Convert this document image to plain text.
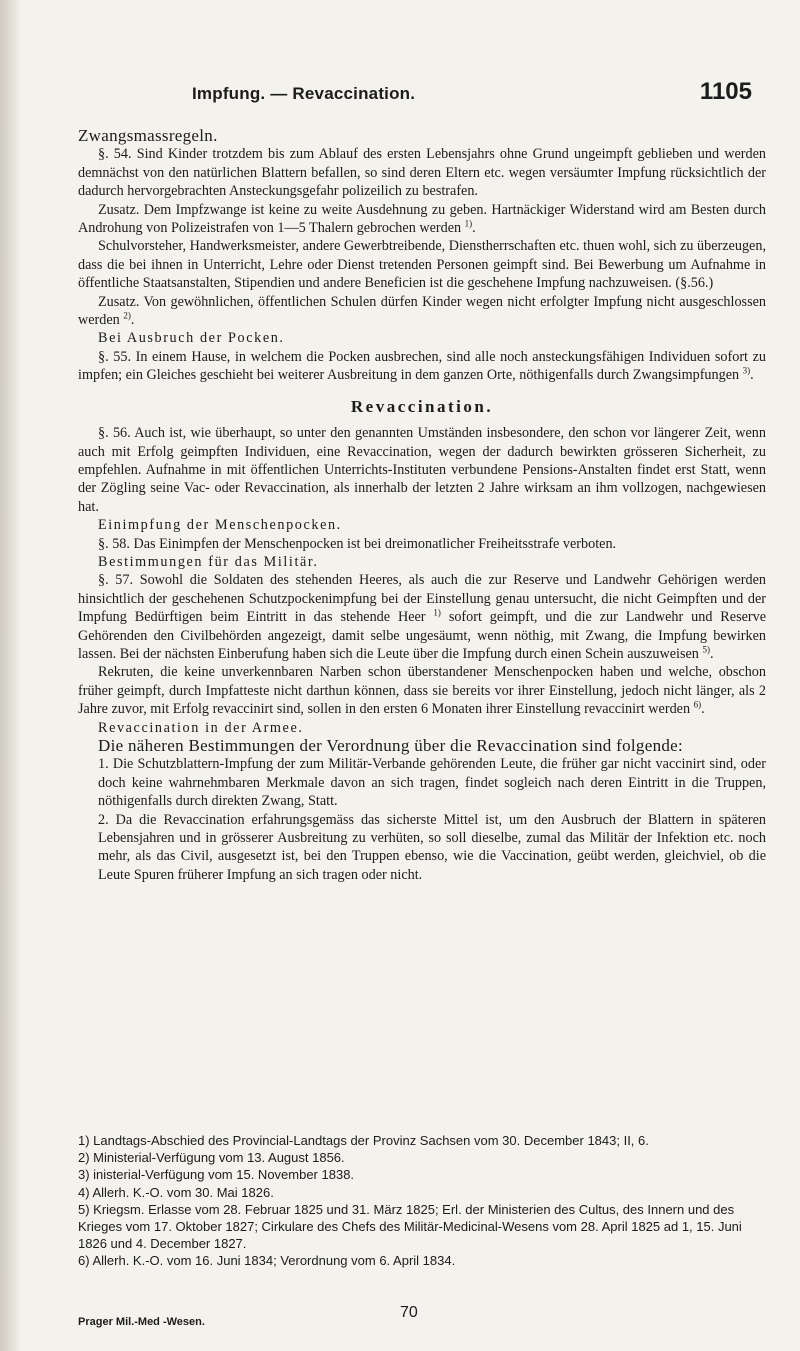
Impfung. — Revaccination.	1105

Zwangsmassregeln.

§. 54. Sind Kinder trotzdem bis zum Ablauf des ersten Lebensjahrs ohne Grund ungeimpft geblieben und werden demnächst von den natürlichen Blattern befallen, so sind deren Eltern etc. wegen versäumter Impfung rücksichtlich der dadurch hervorgebrachten Ansteckungsgefahr polizeilich zu bestrafen.

Zusatz. Dem Impfzwange ist keine zu weite Ausdehnung zu geben. Hartnäckiger Widerstand wird am Besten durch Androhung von Polizeistrafen von 1—5 Thalern gebrochen werden $^{1)}$.

Schulvorsteher, Handwerksmeister, andere Gewerbtreibende, Dienstherrschaften etc. thuen wohl, sich zu überzeugen, dass die bei ihnen in Unterricht, Lehre oder Dienst tretenden Personen geimpft sind. Bei Bewerbung um Aufnahme in öffentliche Staatsanstalten, Stipendien und andere Beneficien ist die geschehene Impfung nachzuweisen. (§.56.)

Zusatz. Von gewöhnlichen, öffentlichen Schulen dürfen Kinder wegen nicht erfolgter Impfung nicht ausgeschlossen werden $^{2)}$.

Bei Ausbruch der Pocken.

§. 55. In einem Hause, in welchem die Pocken ausbrechen, sind alle noch ansteckungsfähigen Individuen sofort zu impfen; ein Gleiches geschieht bei weiterer Ausbreitung in dem ganzen Orte, nöthigenfalls durch Zwangsimpfungen $^{3)}$.

Revaccination.

§. 56. Auch ist, wie überhaupt, so unter den genannten Umständen insbesondere, den schon vor längerer Zeit, wenn auch mit Erfolg geimpften Individuen, eine Revaccination, wegen der dadurch bewirkten grösseren Sicherheit, zu empfehlen. Aufnahme in mit öffentlichen Unterrichts-Instituten verbundene Pensions-Anstalten findet erst Statt, wenn der Zögling seine Vac- oder Revaccination, als innerhalb der letzten 2 Jahre wirksam an ihm vollzogen, nachgewiesen hat.

Einimpfung der Menschenpocken.

§. 58. Das Einimpfen der Menschenpocken ist bei dreimonatlicher Freiheitsstrafe verboten.

Bestimmungen für das Militär.

§. 57. Sowohl die Soldaten des stehenden Heeres, als auch die zur Reserve und Landwehr Gehörigen werden hinsichtlich der geschehenen Schutzpockenimpfung bei der Einstellung genau untersucht, die nicht Geimpften und der Impfung Bedürftigen beim Eintritt in das stehende Heer $^{1)}$ sofort geimpft, und die zur Landwehr und Reserve Gehörenden den Civilbehörden angezeigt, damit selbe ungesäumt, wenn nöthig, mit Zwang, die Impfung bewirken lassen. Bei der nächsten Einberufung haben sich die Leute über die Impfung durch einen Schein auszuweisen $^{5)}$.

Rekruten, die keine unverkennbaren Narben schon überstandener Menschenpocken haben und welche, obschon früher geimpft, durch Impfatteste nicht darthun können, dass sie bereits vor ihrer Einstellung, jedoch nicht länger, als 2 Jahre zuvor, mit Erfolg revaccinirt sind, sollen in den ersten 6 Monaten ihrer Einstellung revaccinirt werden $^{6)}$.

Revaccination in der Armee.

Die näheren Bestimmungen der Verordnung über die Revaccination sind folgende:

1. Die Schutzblattern-Impfung der zum Militär-Verbande gehörenden Leute, die früher gar nicht vaccinirt sind, oder doch keine wahrnehmbaren Merkmale davon an sich tragen, findet sogleich nach deren Eintritt in die Truppen, nöthigenfalls durch direkten Zwang, Statt.

2. Da die Revaccination erfahrungsgemäss das sicherste Mittel ist, um den Ausbruch der Blattern in späteren Lebensjahren und in grösserer Ausbreitung zu verhüten, so soll dieselbe, zumal das Militär der Infektion etc. noch mehr, als das Civil, ausgesetzt ist, bei den Truppen ebenso, wie die Vaccination, geübt werden, gleichviel, ob die Leute Spuren früherer Impfung an sich tragen oder nicht.

1) Landtags-Abschied des Provincial-Landtags der Provinz Sachsen vom 30. December 1843; II, 6.

2) Ministerial-Verfügung vom 13. August 1856.

3) inisterial-Verfügung vom 15. November 1838.

4) Allerh. K.-O. vom 30. Mai 1826.

5) Kriegsm. Erlasse vom 28. Februar 1825 und 31. März 1825; Erl. der Ministerien des Cultus, des Innern und des Krieges vom 17. Oktober 1827; Cirkulare des Chefs des Militär-Medicinal-Wesens vom 28. April 1825 ad 1, 15. Juni 1826 und 4. December 1827.

6) Allerh. K.-O. vom 16. Juni 1834; Verordnung vom 6. April 1834.

70
Prager Mil.-Med -Wesen.
